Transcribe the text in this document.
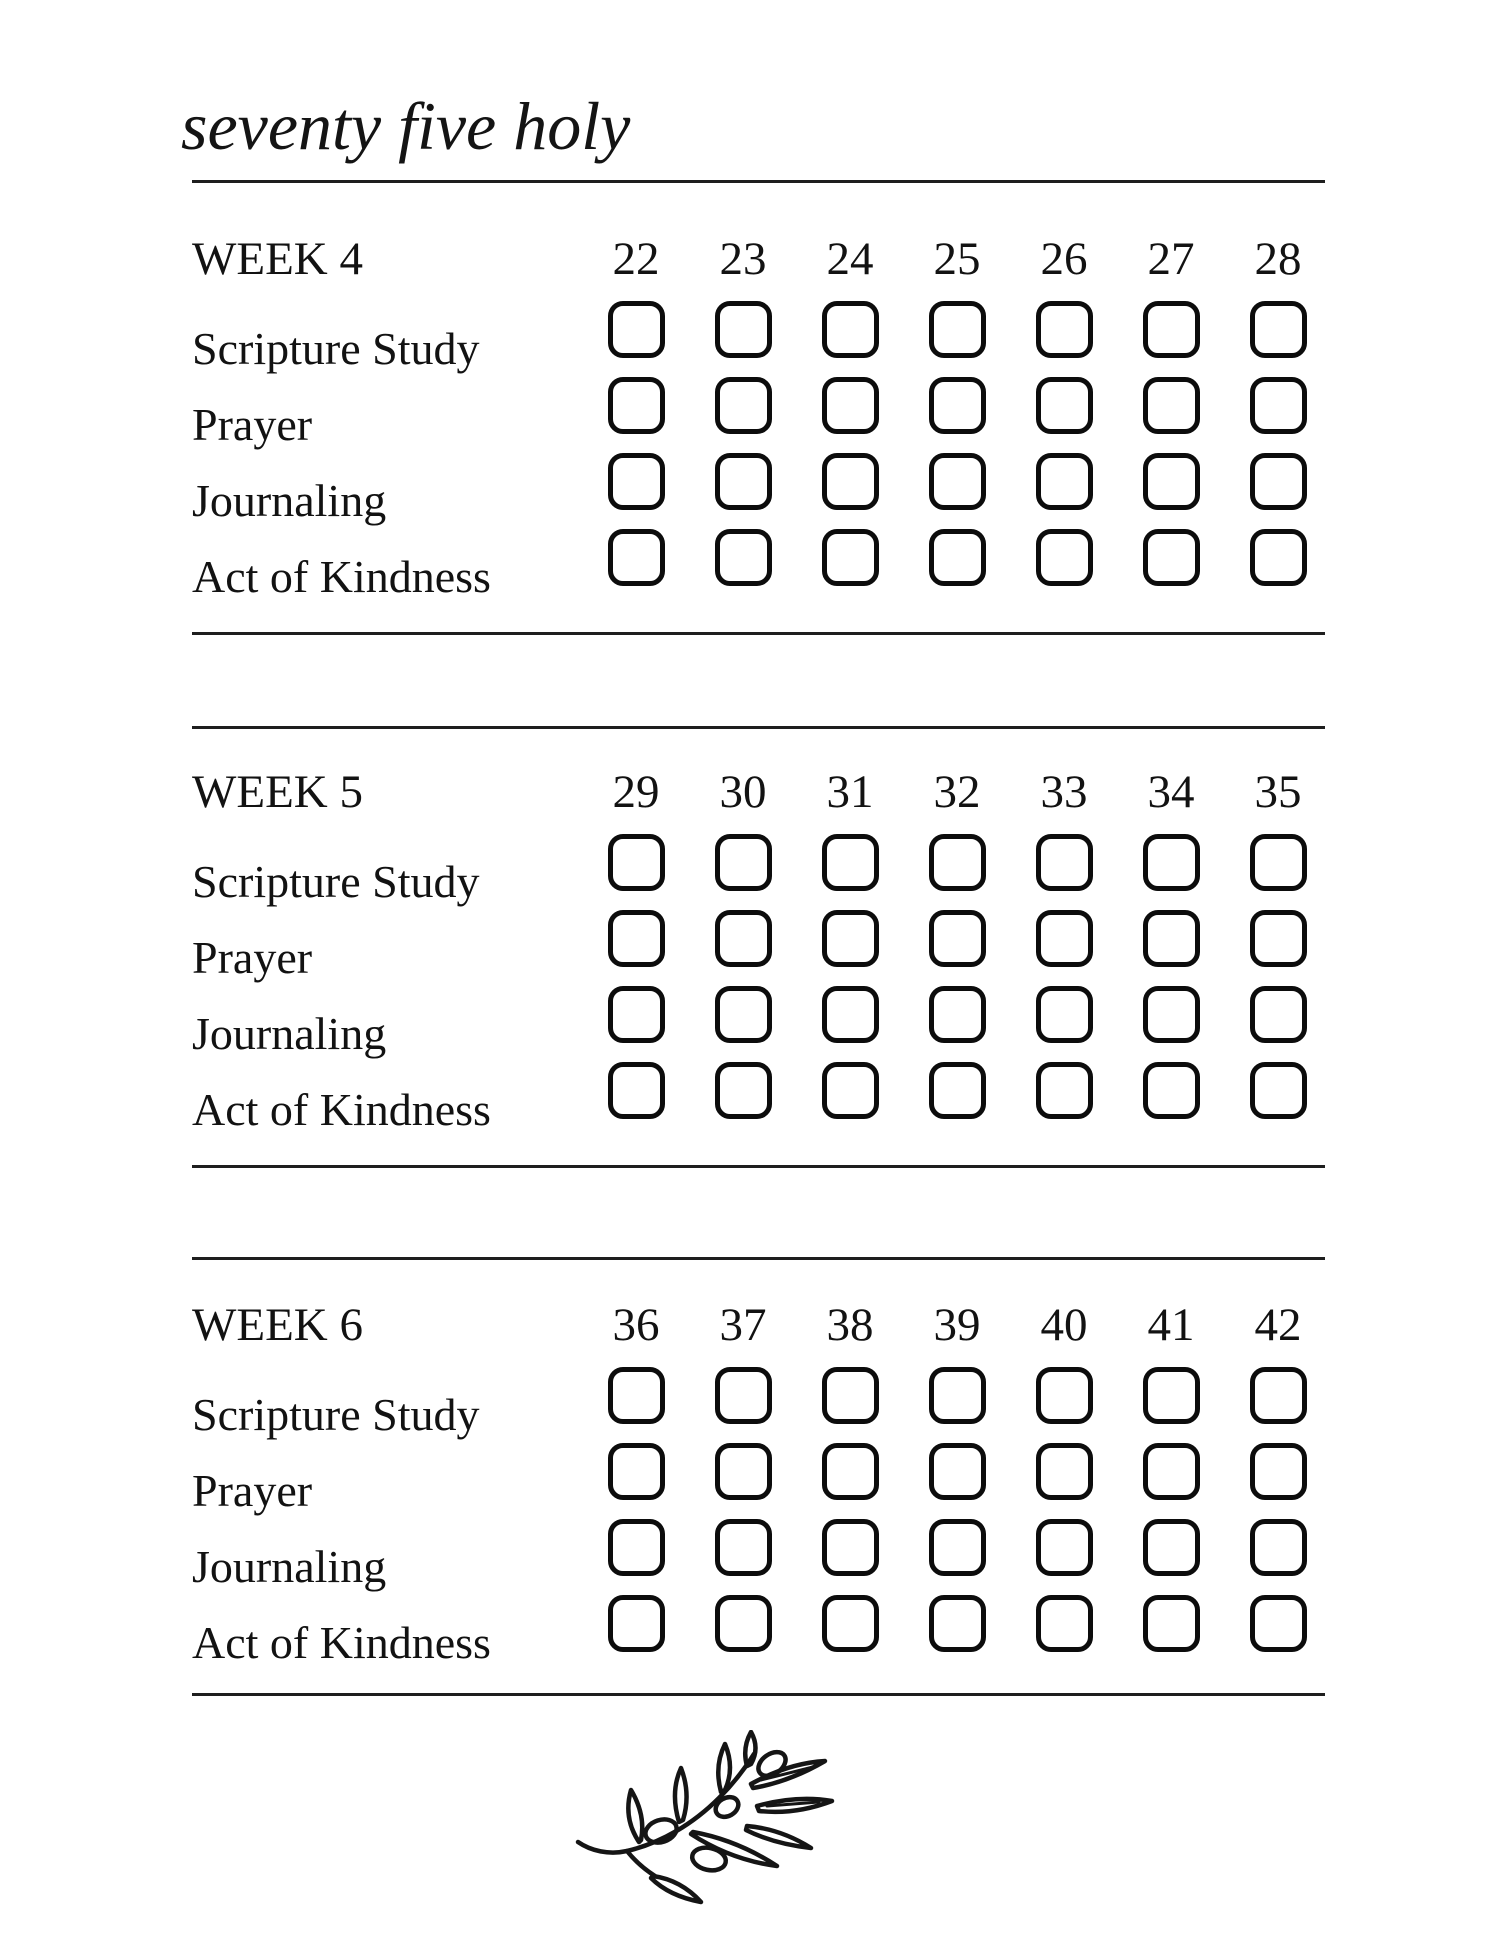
seventy five holy
WEEK 4	22	23	24	25	26	27	28
Scripture Study
Prayer
Journaling
Act of Kindness
WEEK 5	29	30	31	32	33	34	35
Scripture Study
Prayer
Journaling
Act of Kindness
WEEK 6	36	37	38	39	40	41	42
Scripture Study
Prayer
Journaling
Act of Kindness
